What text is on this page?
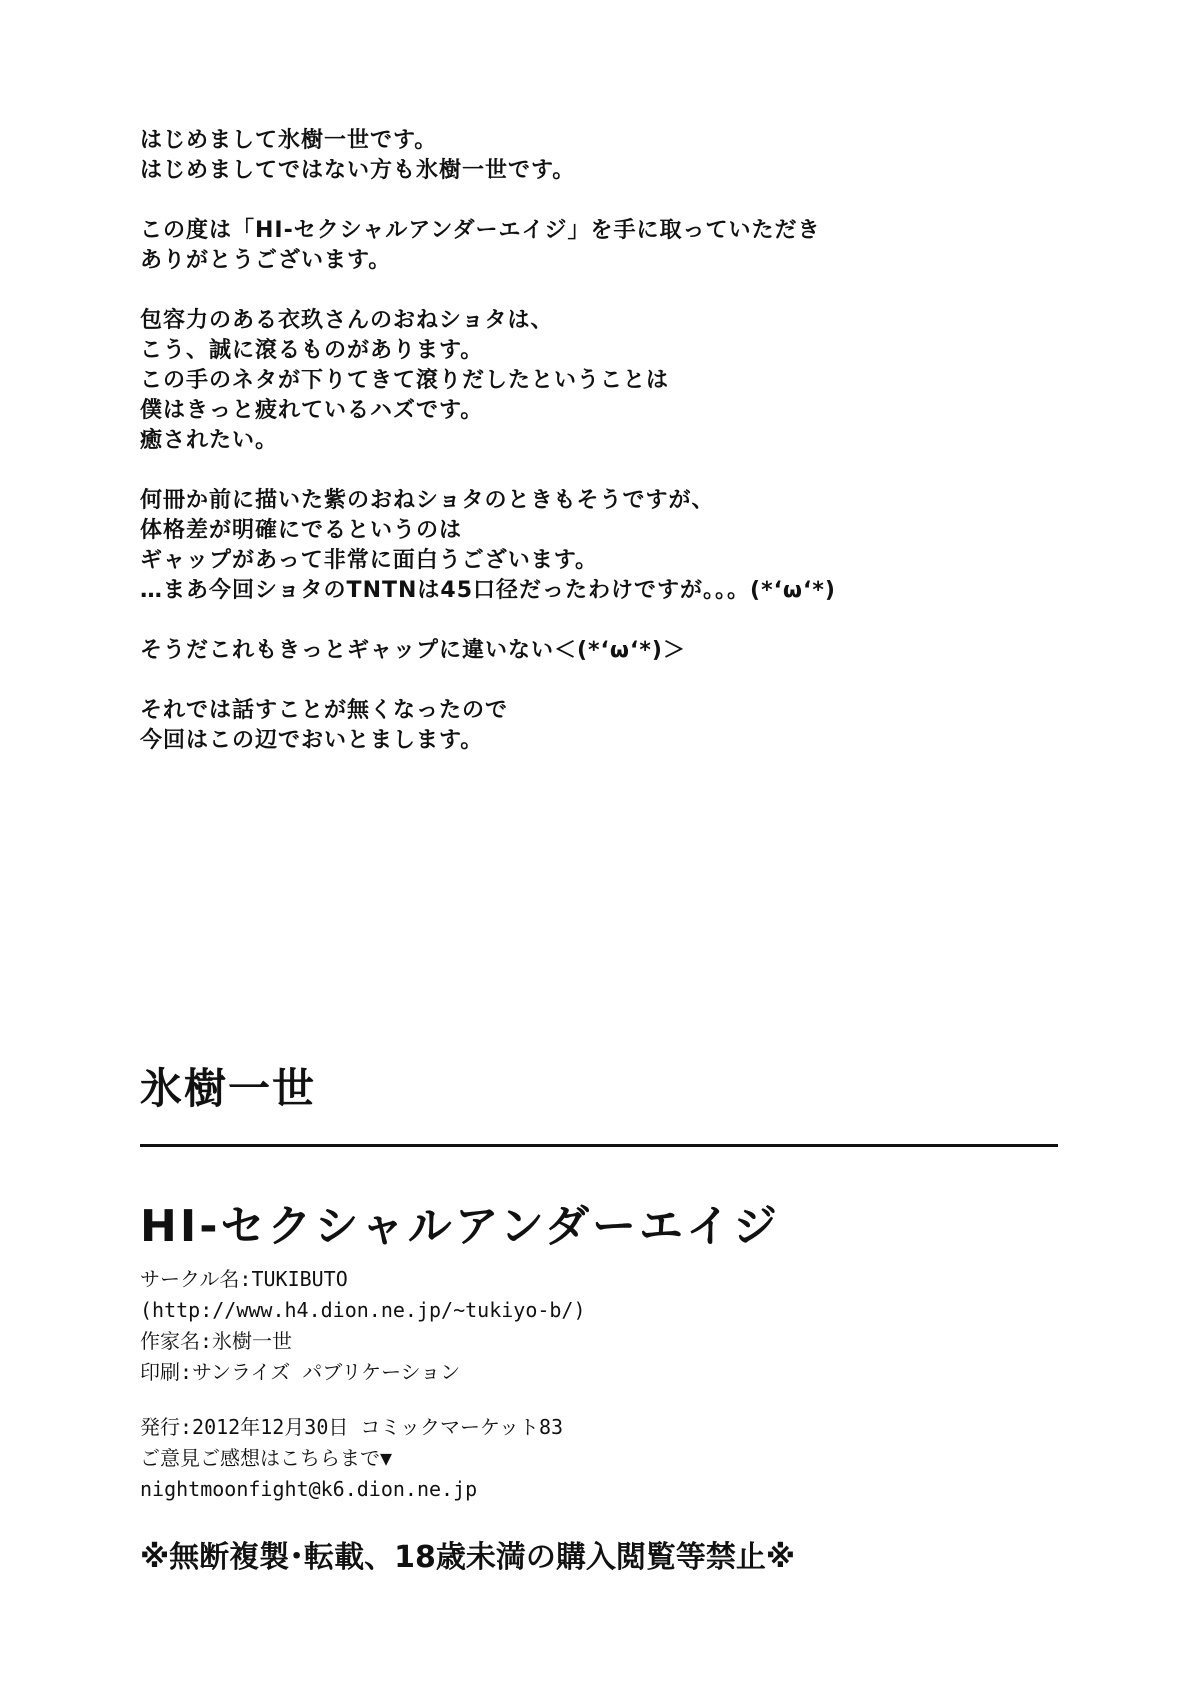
はじめまして氷樹一世です。
はじめましてではない方も氷樹一世です。
この度は「HI-セクシャルアンダーエイジ」を手に取っていただき
ありがとうございます。
包容力のある衣玖さんのおねショタは、
こう、誠に滾るものがあります。
この手のネタが下りてきて滾りだしたということは
僕はきっと疲れているハズです。
癒されたい。
何冊か前に描いた紫のおねショタのときもそうですが、
体格差が明確にでるというのは
ギャップがあって非常に面白うございます。
…まあ今回ショタのTNTNは45口径だったわけですが。。。(*‘ω‘*)
そうだこれもきっとギャップに違いない＜(*‘ω‘*)＞
それでは話すことが無くなったので
今回はこの辺でおいとまします。
氷樹一世
HI-セクシャルアンダーエイジ
サークル名:TUKIBUTO
(http://www.h4.dion.ne.jp/~tukiyo-b/)
作家名:氷樹一世
印刷:サンライズ パブリケーション
発行:2012年12月30日 コミックマーケット83
ご意見ご感想はこちらまで▼
nightmoonfight@k6.dion.ne.jp
※無断複製･転載、18歳未満の購入閲覧等禁止※
